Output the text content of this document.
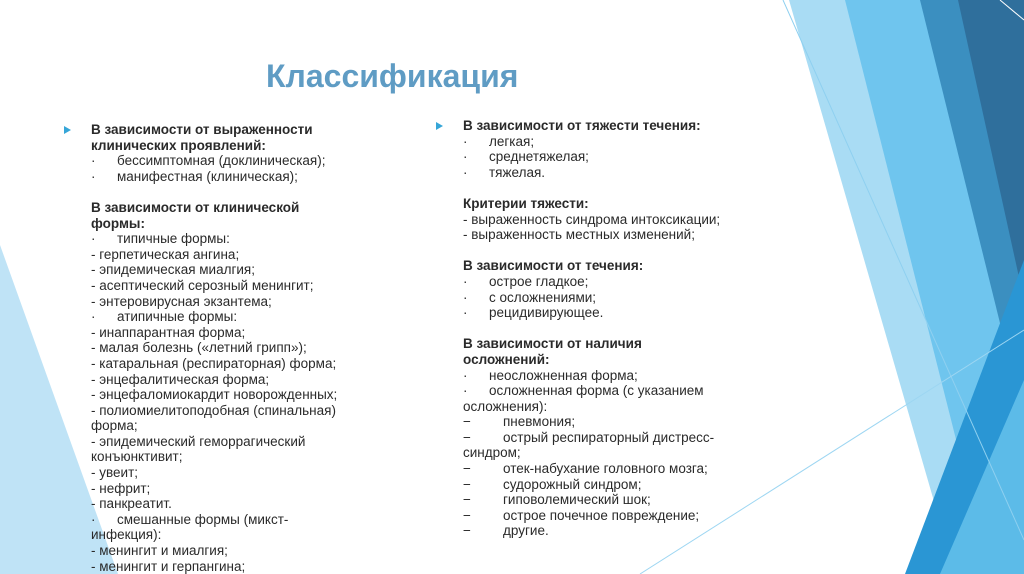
Классификация
В зависимости от выраженности
клинических проявлений:
· бессимптомная (доклиническая);
· манифестная (клиническая);
В зависимости от клинической
формы:
· типичные формы:
- герпетическая ангина;
- эпидемическая миалгия;
- асептический серозный менингит;
- энтеровирусная экзантема;
· атипичные формы:
- инаппарантная форма;
- малая болезнь («летний грипп»);
- катаральная (респираторная) форма;
- энцефалитическая форма;
- энцефаломиокардит новорожденных;
- полиомиелитоподобная (спинальная)
форма;
- эпидемический геморрагический
конъюнктивит;
- увеит;
- нефрит;
- панкреатит.
· смешанные формы (микст-
инфекция):
- менингит и миалгия;
- менингит и герпангина;
В зависимости от тяжести течения:
· легкая;
· среднетяжелая;
· тяжелая.
Критерии тяжести:
- выраженность синдрома интоксикации;
- выраженность местных изменений;
В зависимости от течения:
· острое гладкое;
· с осложнениями;
· рецидивирующее.
В зависимости от наличия
осложнений:
· неосложненная форма;
· осложненная форма (с указанием
осложнения):
− пневмония;
− острый респираторный дистресс-
синдром;
− отек-набухание головного мозга;
− судорожный синдром;
− гиповолемический шок;
− острое почечное повреждение;
− другие.
